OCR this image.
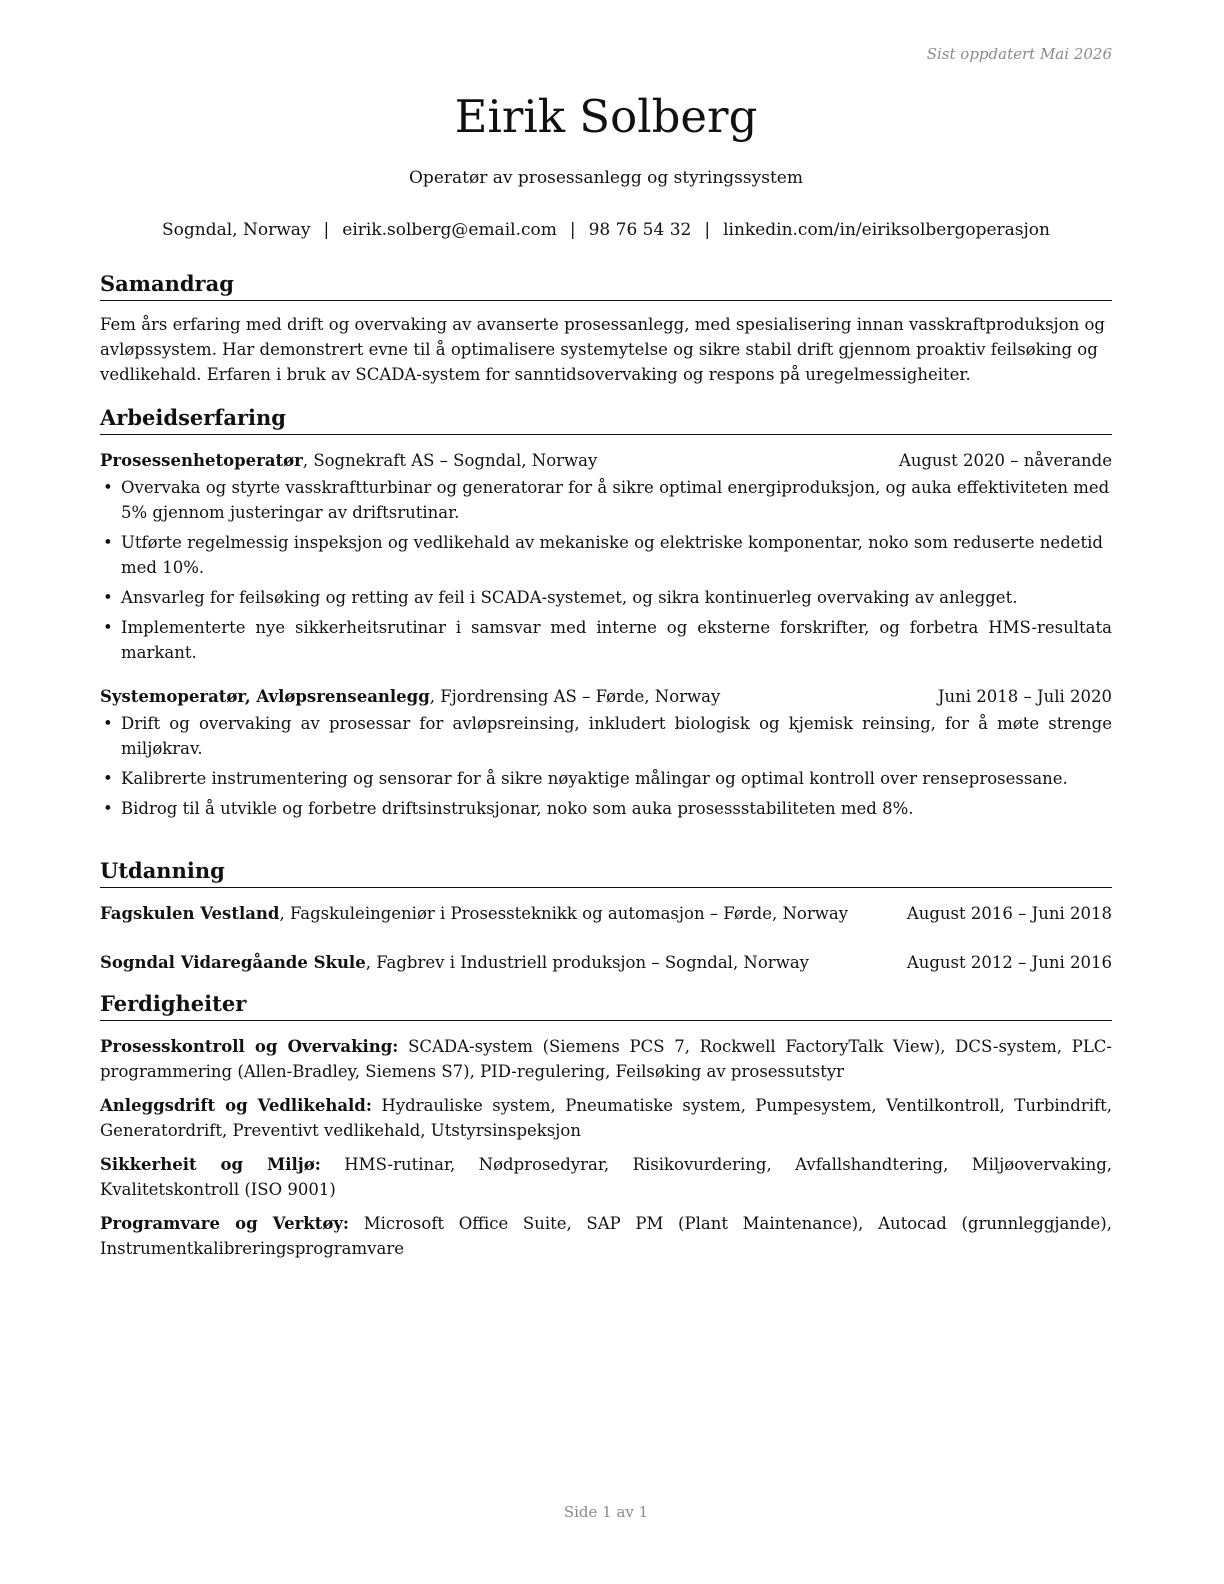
Sist oppdatert Mai 2026
Eirik Solberg
Operatør av prosessanlegg og styringssystem
Sogndal, Norway | eirik.solberg@email.com | 98 76 54 32 | linkedin.com/in/eiriksolbergoperasjon
Samandrag

Fem års erfaring med drift og overvaking av avanserte prosessanlegg, med spesialisering innan vasskraftproduksjon og avløpssystem. Har demonstrert evne til å optimalisere systemytelse og sikre stabil drift gjennom proaktiv feilsøking og vedlikehald. Erfaren i bruk av SCADA-system for sanntidsovervaking og respons på uregelmessigheiter.

Arbeidserfaring
Prosessenhetoperatør, Sognekraft AS – Sogndal, Norway	August 2020 – nåverande
• Overvaka og styrte vasskraftturbinar og generatorar for å sikre optimal energiproduksjon, og auka effektiviteten med 5% gjennom justeringar av driftsrutinar.
• Utførte regelmessig inspeksjon og vedlikehald av mekaniske og elektriske komponentar, noko som reduserte nedetid med 10%.
• Ansvarleg for feilsøking og retting av feil i SCADA-systemet, og sikra kontinuerleg overvaking av anlegget.
• Implementerte nye sikkerheitsrutinar i samsvar med interne og eksterne forskrifter, og forbetra HMS-resultata markant.
Systemoperatør, Avløpsrenseanlegg, Fjordrensing AS – Førde, Norway	Juni 2018 – Juli 2020
• Drift og overvaking av prosessar for avløpsreinsing, inkludert biologisk og kjemisk reinsing, for å møte strenge miljøkrav.
• Kalibrerte instrumentering og sensorar for å sikre nøyaktige målingar og optimal kontroll over renseprosessane.
• Bidrog til å utvikle og forbetre driftsinstruksjonar, noko som auka prosessstabiliteten med 8%.
Utdanning
Fagskulen Vestland, Fagskuleingeniør i Prosessteknikk og automasjon – Førde, Norway	August 2016 – Juni 2018
Sogndal Vidaregåande Skule, Fagbrev i Industriell produksjon – Sogndal, Norway	August 2012 – Juni 2016
Ferdigheiter
Prosesskontroll og Overvaking: SCADA-system (Siemens PCS 7, Rockwell FactoryTalk View), DCS-system, PLC-programmering (Allen-Bradley, Siemens S7), PID-regulering, Feilsøking av prosessutstyr
Anleggsdrift og Vedlikehald: Hydrauliske system, Pneumatiske system, Pumpesystem, Ventilkontroll, Turbindrift, Generatordrift, Preventivt vedlikehald, Utstyrsinspeksjon
Sikkerheit og Miljø: HMS-rutinar, Nødprosedyrar, Risikovurdering, Avfallshandtering, Miljøovervaking, Kvalitetskontroll (ISO 9001)
Programvare og Verktøy: Microsoft Office Suite, SAP PM (Plant Maintenance), Autocad (grunnleggjande), Instrumentkalibreringsprogramvare
Side 1 av 1
